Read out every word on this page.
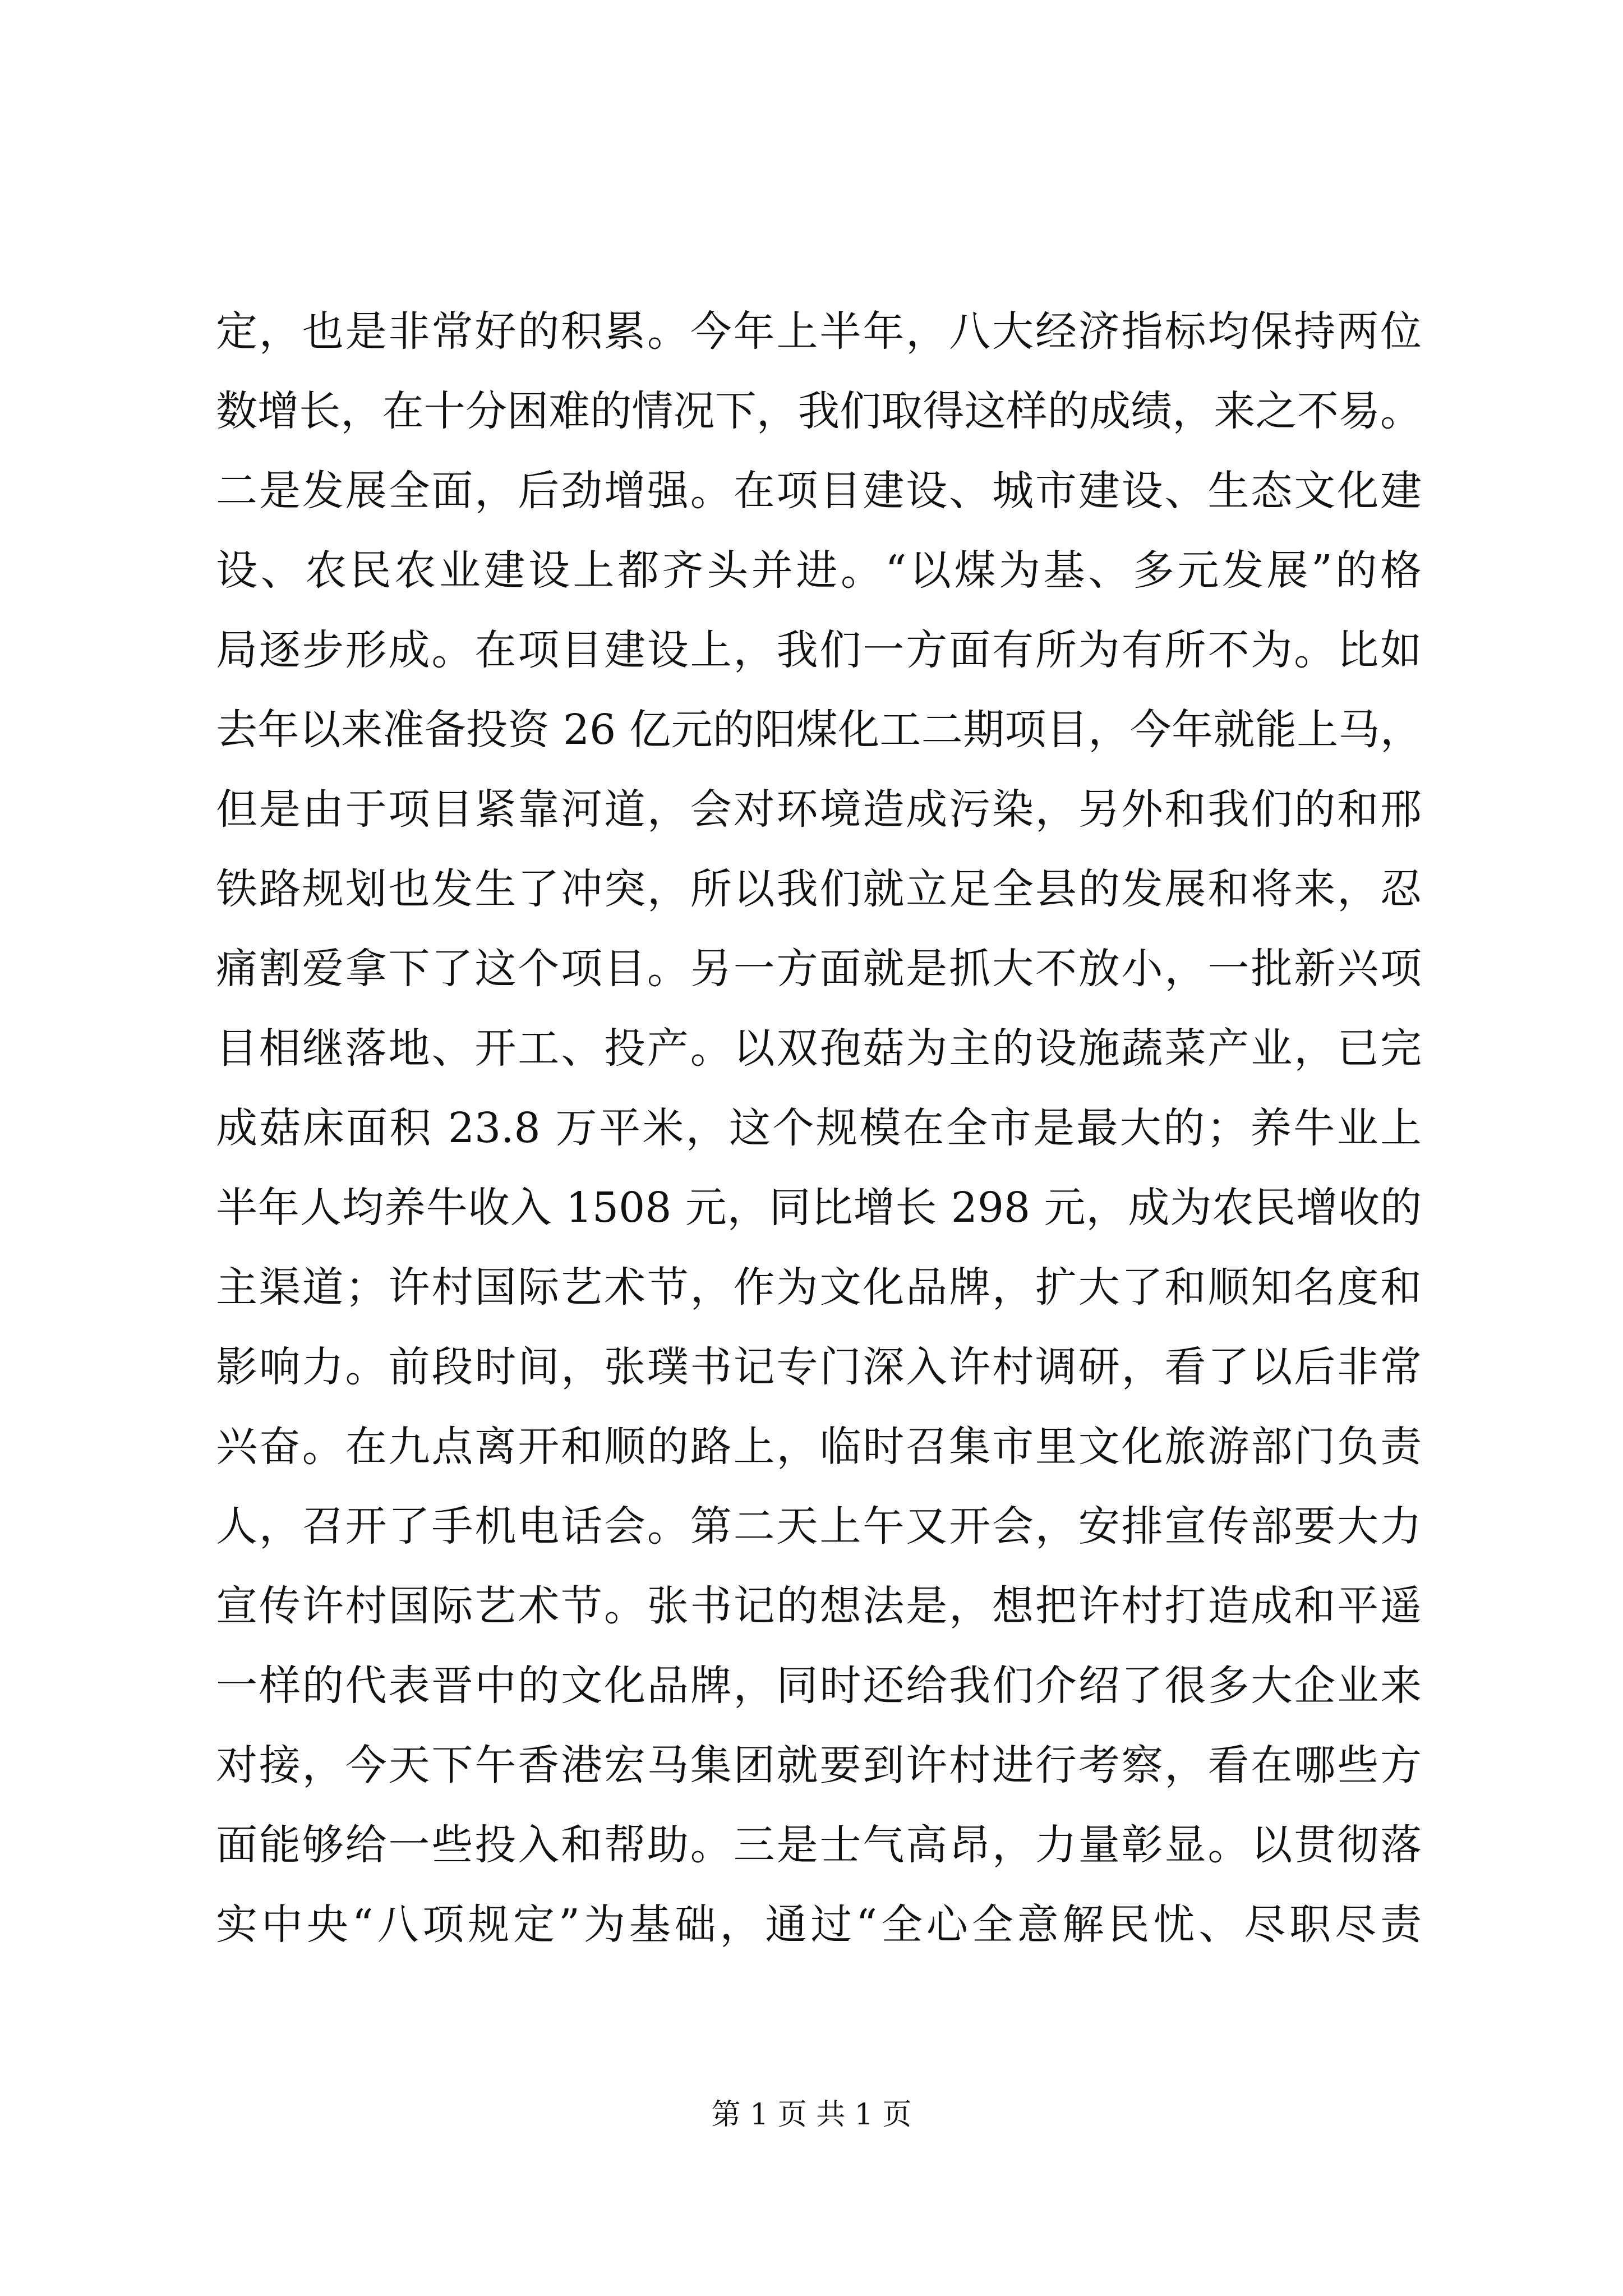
定，也是非常好的积累。今年上半年，八大经济指标均保持两位
数增长，在十分困难的情况下，我们取得这样的成绩，来之不易。
二是发展全面，后劲增强。在项目建设、城市建设、生态文化建
设、农民农业建设上都齐头并进。“以煤为基、多元发展”的格
局逐步形成。在项目建设上，我们一方面有所为有所不为。比如
去年以来准备投资 26 亿元的阳煤化工二期项目，今年就能上马，
但是由于项目紧靠河道，会对环境造成污染，另外和我们的和邢
铁路规划也发生了冲突，所以我们就立足全县的发展和将来，忍
痛割爱拿下了这个项目。另一方面就是抓大不放小，一批新兴项
目相继落地、开工、投产。以双孢菇为主的设施蔬菜产业，已完
成菇床面积 23.8 万平米，这个规模在全市是最大的；养牛业上
半年人均养牛收入 1508 元，同比增长 298 元，成为农民增收的
主渠道；许村国际艺术节，作为文化品牌，扩大了和顺知名度和
影响力。前段时间，张璞书记专门深入许村调研，看了以后非常
兴奋。在九点离开和顺的路上，临时召集市里文化旅游部门负责
人，召开了手机电话会。第二天上午又开会，安排宣传部要大力
宣传许村国际艺术节。张书记的想法是，想把许村打造成和平遥
一样的代表晋中的文化品牌，同时还给我们介绍了很多大企业来
对接，今天下午香港宏马集团就要到许村进行考察，看在哪些方
面能够给一些投入和帮助。三是士气高昂，力量彰显。以贯彻落
实中央“八项规定”为基础，通过“全心全意解民忧、尽职尽责
第 1 页 共 1 页
